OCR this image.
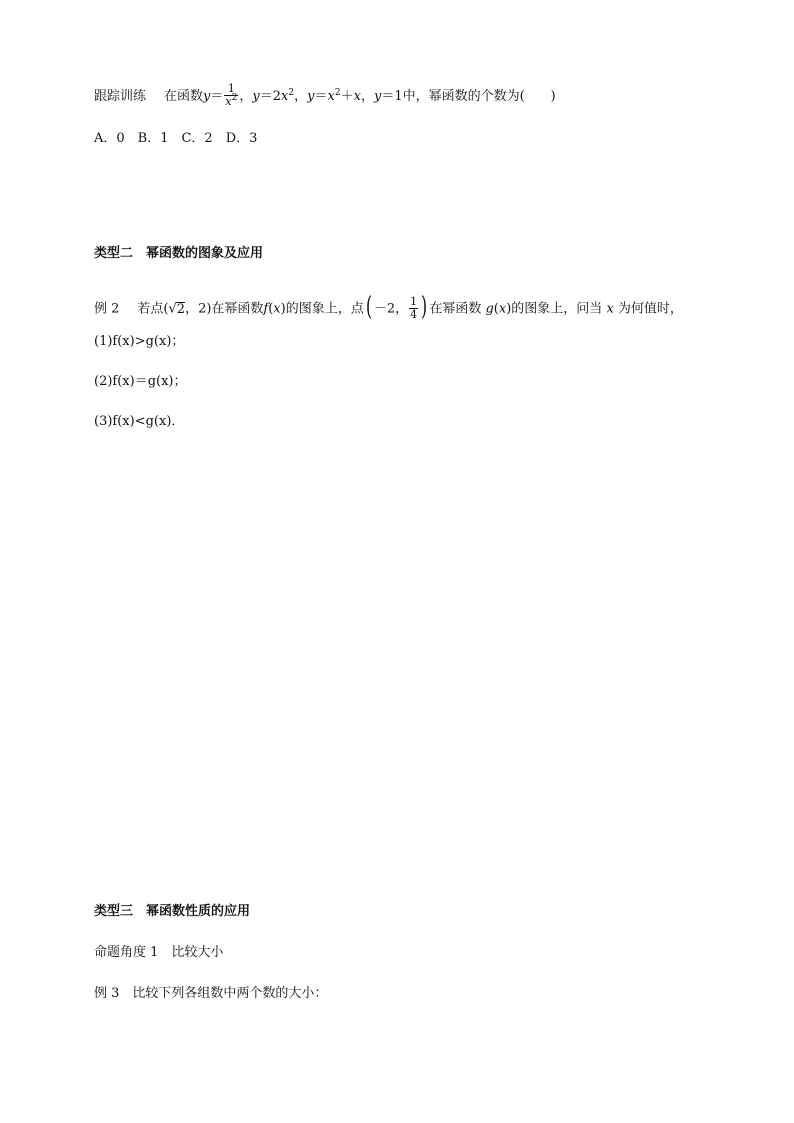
跟踪训练 在函数$y= \frac{1}{x^2}$ ，$y=2x^2$，$y=x^2+x$，y＝1中，幂函数的个数为(　　)
A．0　B．1　C．2　D．3
类型二　幂函数的图象及应用
例 2 若点(√2，2)在幂函数f(x)的图象上，点( －2， $\frac{1}{4}$ ) 在幂函数 g(x)的图象上，问当 x 为何值时，
(1)f(x)>g(x)；
(2)f(x)＝g(x)；
(3)f(x)<g(x)．
类型三　幂函数性质的应用
命题角度 1　比较大小
例 3　比较下列各组数中两个数的大小：
